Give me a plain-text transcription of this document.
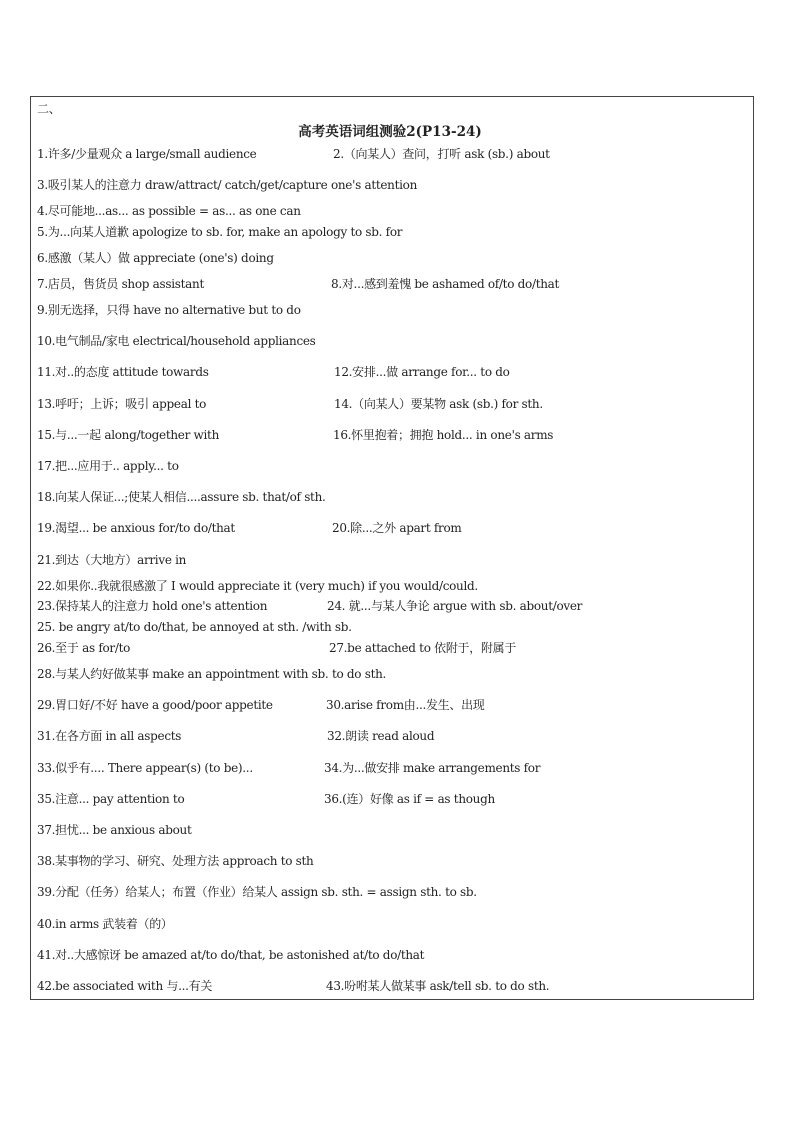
二、
高考英语词组测验2(P13-24)
1.许多/少量观众 a large/small audience	2.（向某人）查问，打听 ask (sb.) about
3.吸引某人的注意力 draw/attract/ catch/get/capture one's attention
4.尽可能地...as... as possible = as... as one can
5.为...向某人道歉 apologize to sb. for, make an apology to sb. for
6.感激（某人）做 appreciate (one's) doing
7.店员，售货员 shop assistant	8.对...感到羞愧 be ashamed of/to do/that
9.别无选择，只得 have no alternative but to do
10.电气制品/家电 electrical/household appliances
11.对..的态度 attitude towards	12.安排...做 arrange for... to do
13.呼吁；上诉；吸引 appeal to	14.（向某人）要某物 ask (sb.) for sth.
15.与...一起 along/together with	16.怀里抱着；拥抱 hold... in one's arms
17.把...应用于.. apply... to
18.向某人保证...;使某人相信....assure sb. that/of sth.
19.渴望... be anxious for/to do/that	20.除...之外 apart from
21.到达（大地方）arrive in
22.如果你..我就很感激了 I would appreciate it (very much) if you would/could.
23.保持某人的注意力 hold one's attention	24. 就...与某人争论 argue with sb. about/over
25. be angry at/to do/that, be annoyed at sth. /with sb.
26.至于 as for/to	27.be attached to 依附于，附属于
28.与某人约好做某事 make an appointment with sb. to do sth.
29.胃口好/不好 have a good/poor appetite	30.arise from由...发生、出现
31.在各方面 in all aspects	32.朗读 read aloud
33.似乎有.... There appear(s) (to be)...	34.为...做安排 make arrangements for
35.注意... pay attention to	36.(连）好像 as if = as though
37.担忧... be anxious about
38.某事物的学习、研究、处理方法 approach to sth
39.分配（任务）给某人；布置（作业）给某人 assign sb. sth. = assign sth. to sb.
40.in arms 武装着（的）
41.对..大感惊讶 be amazed at/to do/that, be astonished at/to do/that
42.be associated with 与...有关	43.吩咐某人做某事 ask/tell sb. to do sth.
